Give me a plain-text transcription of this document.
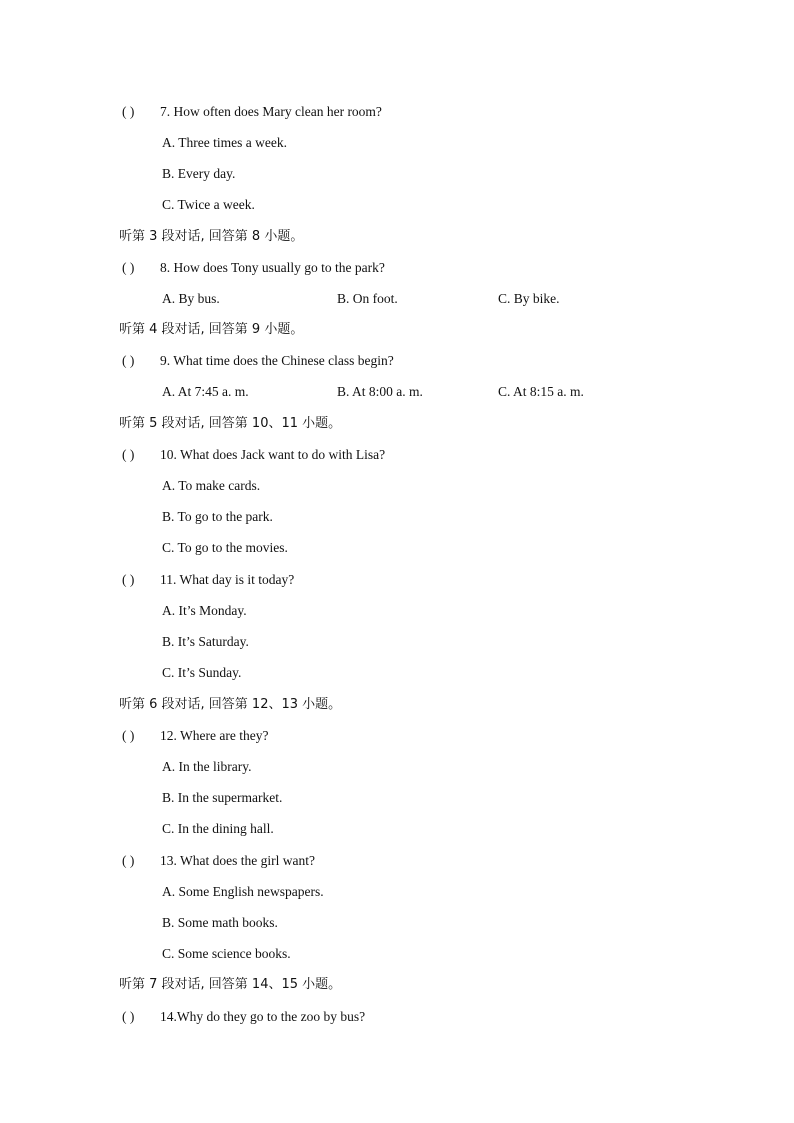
( ) 7. How often does Mary clean her room?
A. Three times a week.
B. Every day.
C. Twice a week.
听第 3 段对话, 回答第 8 小题。
( ) 8. How does Tony usually go to the park?
A. By bus.	B. On foot.	C. By bike.
听第 4 段对话, 回答第 9 小题。
( ) 9. What time does the Chinese class begin?
A. At 7:45 a. m.	B. At 8:00 a. m.	C. At 8:15 a. m.
听第 5 段对话, 回答第 10、11 小题。
( ) 10. What does Jack want to do with Lisa?
A. To make cards.
B. To go to the park.
C. To go to the movies.
( ) 11. What day is it today?
A. It’s Monday.
B. It’s Saturday.
C. It’s Sunday.
听第 6 段对话, 回答第 12、13 小题。
( ) 12. Where are they?
A. In the library.
B. In the supermarket.
C. In the dining hall.
( ) 13. What does the girl want?
A. Some English newspapers.
B. Some math books.
C. Some science books.
听第 7 段对话, 回答第 14、15 小题。
( ) 14.Why do they go to the zoo by bus?
